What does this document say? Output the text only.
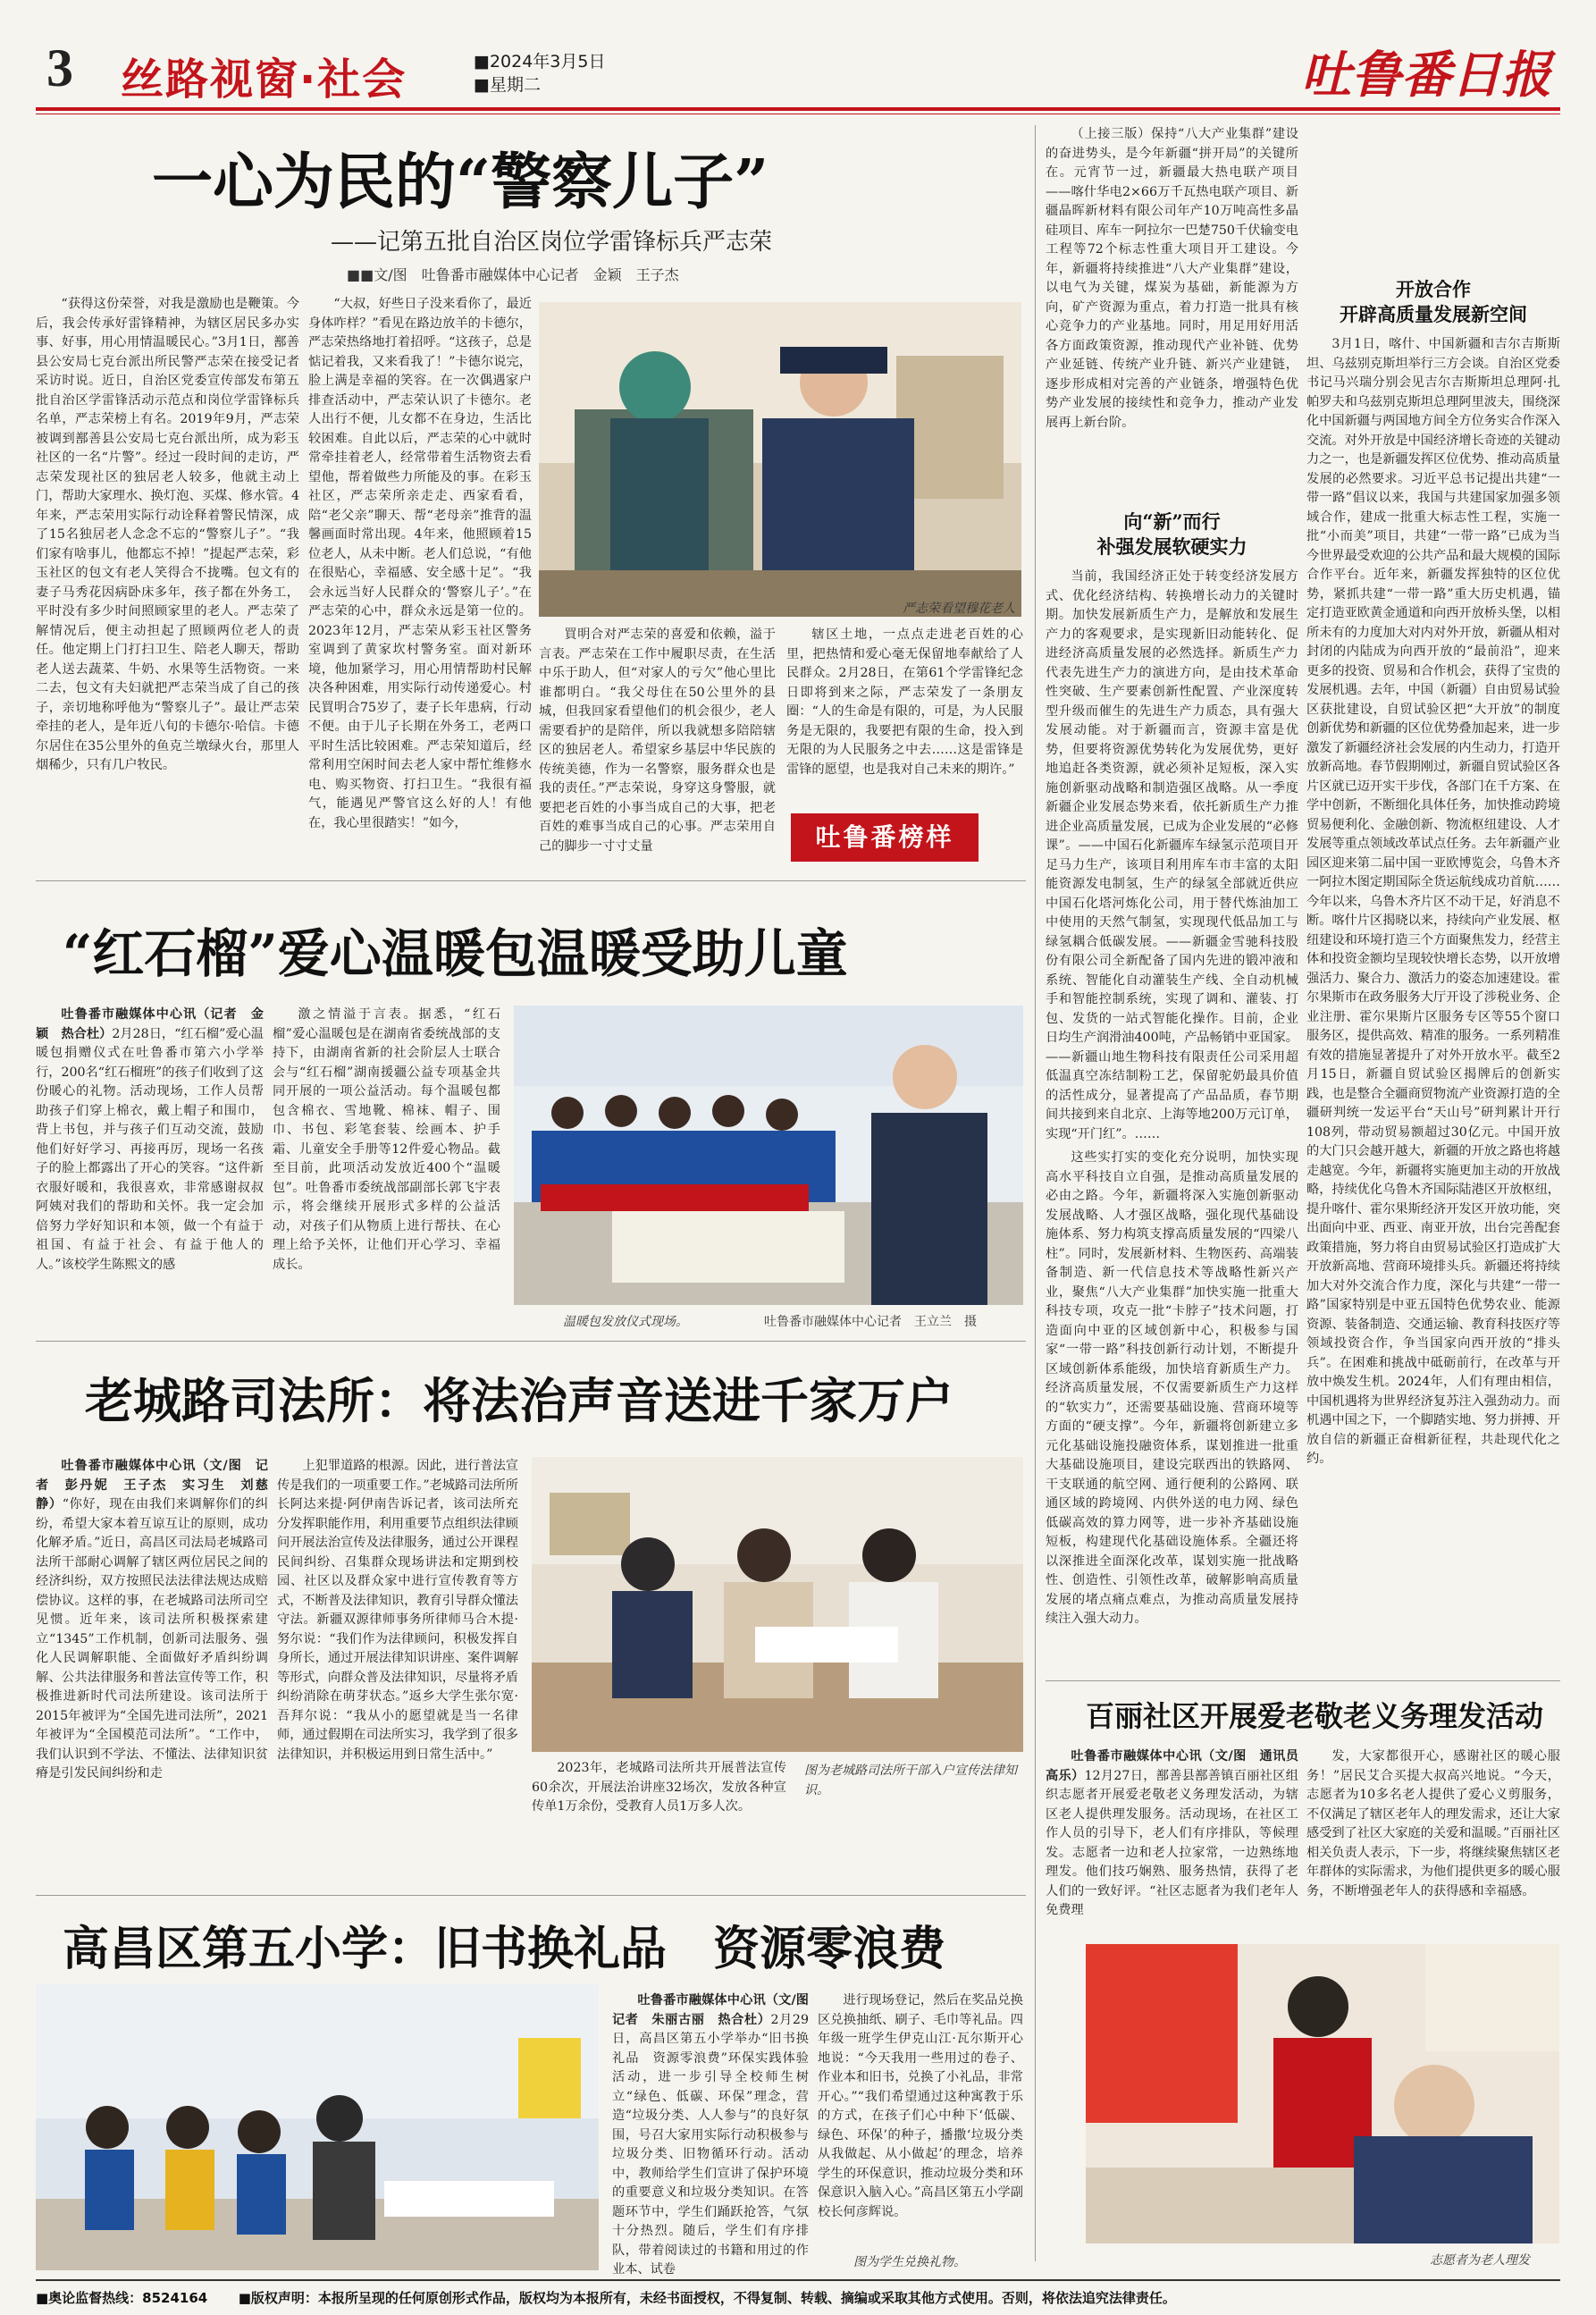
3 丝路视窗·社会	■2024年3月5日
■星期二	吐鲁番日报
一心为民的“警察儿子”
——记第五批自治区岗位学雷锋标兵严志荣
■■文/图　吐鲁番市融媒体中心记者　金颖　王子杰

“获得这份荣誉，对我是激励也是鞭策。今后，我会传承好雷锋精神，为辖区居民多办实事、好事，用心用情温暖民心。”3月1日，鄯善县公安局七克台派出所民警严志荣在接受记者采访时说。近日，自治区党委宣传部发布第五批自治区学雷锋活动示范点和岗位学雷锋标兵名单，严志荣榜上有名。2019年9月，严志荣被调到鄯善县公安局七克台派出所，成为彩玉社区的一名“片警”。经过一段时间的走访，严志荣发现社区的独居老人较多，他就主动上门，帮助大家理水、换灯泡、买煤、修水管。4年来，严志荣用实际行动诠释着警民情深，成了15名独居老人念念不忘的“警察儿子”。“我们家有啥事儿，他都忘不掉！”提起严志荣，彩玉社区的包文有老人笑得合不拢嘴。包文有的妻子马秀花因病卧床多年，孩子都在外务工，平时没有多少时间照顾家里的老人。严志荣了解情况后，便主动担起了照顾两位老人的责任。他定期上门打扫卫生、陪老人聊天，帮助老人送去蔬菜、牛奶、水果等生活物资。一来二去，包文有夫妇就把严志荣当成了自己的孩子，亲切地称呼他为“警察儿子”。最让严志荣牵挂的老人，是年近八旬的卡德尔·哈信。卡德尔居住在35公里外的鱼克兰墩绿火台，那里人烟稀少，只有几户牧民。

“大叔，好些日子没来看你了，最近身体咋样？”看见在路边放羊的卡德尔，严志荣热络地打着招呼。“这孩子，总是惦记着我，又来看我了！”卡德尔说完，脸上满是幸福的笑容。在一次偶遇家户排查活动中，严志荣认识了卡德尔。老人出行不便，儿女都不在身边，生活比较困难。自此以后，严志荣的心中就时常牵挂着老人，经常带着生活物资去看望他，帮着做些力所能及的事。在彩玉社区，严志荣所亲走走、西家看看，陪“老父亲”聊天、帮“老母亲”推背的温馨画面时常出现。4年来，他照顾着15位老人，从未中断。老人们总说，“有他在很贴心，幸福感、安全感十足”。“我会永远当好人民群众的‘警察儿子’。”在严志荣的心中，群众永远是第一位的。2023年12月，严志荣从彩玉社区警务室调到了黄家坎村警务室。面对新环境，他加紧学习，用心用情帮助村民解决各种困难，用实际行动传递爱心。村民買明合75岁了，妻子长年患病，行动不便。由于儿子长期在外务工，老两口平时生活比较困难。严志荣知道后，经常利用空闲时间去老人家中帮忙维修水电、购买物资、打扫卫生。“我很有福气，能遇见严警官这么好的人！有他在，我心里很踏实！”如今，

严志荣看望穆花老人

買明合对严志荣的喜爱和依赖，溢于言表。严志荣在工作中履职尽责，在生活中乐于助人，但“对家人的亏欠”他心里比谁都明白。“我父母住在50公里外的县城，但我回家看望他们的机会很少，老人需要看护的是陪伴，所以我就想多陪陪辖区的独居老人。希望家乡基层中华民族的传统美德，作为一名警察，服务群众也是我的责任。”严志荣说，身穿这身警服，就要把老百姓的小事当成自己的大事，把老百姓的难事当成自己的心事。严志荣用自己的脚步一寸寸丈量

辖区土地，一点点走进老百姓的心里，把热情和爱心毫无保留地奉献给了人民群众。2月28日，在第61个学雷锋纪念日即将到来之际，严志荣发了一条朋友圈：“人的生命是有限的，可是，为人民服务是无限的，我要把有限的生命，投入到无限的为人民服务之中去……这是雷锋是雷锋的愿望，也是我对自己未来的期许。”

吐鲁番榜样
“红石榴”爱心温暖包温暖受助儿童

吐鲁番市融媒体中心讯（记者　金颖　热合杜）2月28日，“红石榴”爱心温暖包捐赠仪式在吐鲁番市第六小学举行，200名“红石榴班”的孩子们收到了这份暖心的礼物。活动现场，工作人员帮助孩子们穿上棉衣，戴上帽子和围巾，背上书包，并与孩子们互动交流，鼓励他们好好学习、再接再厉，现场一名孩子的脸上都露出了开心的笑容。“这件新衣服好暖和，我很喜欢，非常感谢叔叔阿姨对我们的帮助和关怀。我一定会加倍努力学好知识和本领，做一个有益于祖国、有益于社会、有益于他人的人。”该校学生陈熙文的感

激之情溢于言表。据悉，“红石榴”爱心温暖包是在湖南省委统战部的支持下，由湖南省新的社会阶层人士联合会与“红石榴”湖南援疆公益专项基金共同开展的一项公益活动。每个温暖包都包含棉衣、雪地靴、棉袜、帽子、围巾、书包、彩笔套装、绘画本、护手霜、儿童安全手册等12件爱心物品。截至目前，此项活动发放近400个“温暖包”。吐鲁番市委统战部副部长郭飞宇表示，将会继续开展形式多样的公益活动，对孩子们从物质上进行帮扶、在心理上给予关怀，让他们开心学习、幸福成长。

温暖包发放仪式现场。	吐鲁番市融媒体中心记者　王立兰　摄
老城路司法所：将法治声音送进千家万户

吐鲁番市融媒体中心讯（文/图　记者　彭丹妮　王子杰　实习生　刘慈静）“你好，现在由我们来调解你们的纠纷，希望大家本着互谅互让的原则，成功化解矛盾。”近日，高昌区司法局老城路司法所干部耐心调解了辖区两位居民之间的经济纠纷，双方按照民法法律法规达成赔偿协议。这样的事，在老城路司法所司空见惯。近年来，该司法所积极探索建立“1345”工作机制，创新司法服务、强化人民调解职能、全面做好矛盾纠纷调解、公共法律服务和普法宣传等工作，积极推进新时代司法所建设。该司法所于2015年被评为“全国先进司法所”，2021年被评为“全国模范司法所”。“工作中，我们认识到不学法、不懂法、法律知识贫瘠是引发民间纠纷和走

上犯罪道路的根源。因此，进行普法宣传是我们的一项重要工作。”老城路司法所所长阿达来提·阿伊南告诉记者，该司法所充分发挥职能作用，利用重要节点组织法律顾问开展法治宣传及法律服务，通过公开课程民间纠纷、召集群众现场讲法和定期到校园、社区以及群众家中进行宣传教育等方式，不断普及法律知识，教育引导群众懂法守法。新疆双源律师事务所律师马合木提·努尔说：“我们作为法律顾问，积极发挥自身所长，通过开展法律知识讲座、案件调解等形式，向群众普及法律知识，尽量将矛盾纠纷消除在萌芽状态。”返乡大学生张尔宽·吾拜尔说：“我从小的愿望就是当一名律师，通过假期在司法所实习，我学到了很多法律知识，并积极运用到日常生活中。”

2023年，老城路司法所共开展普法宣传60余次，开展法治讲座32场次，发放各种宣传单1万余份，受教育人员1万多人次。

图为老城路司法所干部入户宣传法律知识。
高昌区第五小学：旧书换礼品　资源零浪费

吐鲁番市融媒体中心讯（文/图　记者　朱丽古丽　热合杜）2月29日，高昌区第五小学举办“旧书换礼品　资源零浪费”环保实践体验活动，进一步引导全校师生树立“绿色、低碳、环保”理念，营造“垃圾分类、人人参与”的良好氛围，号召大家用实际行动积极参与垃圾分类、旧物循环行动。活动中，教师给学生们宣讲了保护环境的重要意义和垃圾分类知识。在答题环节中，学生们踊跃抢答，气氛十分热烈。随后，学生们有序排队，带着阅读过的书籍和用过的作业本、试卷

进行现场登记，然后在奖品兑换区兑换抽纸、刷子、毛巾等礼品。四年级一班学生伊克山江·瓦尔斯开心地说：“今天我用一些用过的卷子、作业本和旧书，兑换了小礼品，非常开心。”“我们希望通过这种寓教于乐的方式，在孩子们心中种下‘低碳、绿色、环保’的种子，播撒‘垃圾分类从我做起、从小做起’的理念，培养学生的环保意识，推动垃圾分类和环保意识入脑入心。”高昌区第五小学副校长何彦辉说。

图为学生兑换礼物。

（上接三版）保持“八大产业集群”建设的奋进势头，是今年新疆“拼开局”的关键所在。元宵节一过，新疆最大热电联产项目——喀什华电2×66万千瓦热电联产项目、新疆晶晖新材料有限公司年产10万吨高性多晶硅项目、库车一阿拉尔一巴楚750千伏输变电工程等72个标志性重大项目开工建设。今年，新疆将持续推进“八大产业集群”建设，以电气为关键，煤炭为基础，新能源为方向，矿产资源为重点，着力打造一批具有核心竞争力的产业基地。同时，用足用好用活各方面政策资源，推动现代产业补链、优势产业延链、传统产业升链、新兴产业建链，逐步形成相对完善的产业链条，增强特色优势产业发展的接续性和竞争力，推动产业发展再上新台阶。

向“新”而行
补强发展软硬实力

当前，我国经济正处于转变经济发展方式、优化经济结构、转换增长动力的关键时期。加快发展新质生产力，是解放和发展生产力的客观要求，是实现新旧动能转化、促进经济高质量发展的必然选择。新质生产力代表先进生产力的演进方向，是由技术革命性突破、生产要素创新性配置、产业深度转型升级而催生的先进生产力质态，具有强大发展动能。对于新疆而言，资源丰富是优势，但要将资源优势转化为发展优势，更好地追赶各类资源，就必须补足短板，深入实施创新驱动战略和制造强区战略。从一季度新疆企业发展态势来看，依托新质生产力推进企业高质量发展，已成为企业发展的“必修课”。——中国石化新疆库车绿氢示范项目开足马力生产，该项目利用库车市丰富的太阳能资源发电制氢，生产的绿氢全部就近供应中国石化塔河炼化公司，用于替代炼油加工中使用的天然气制氢，实现现代低品加工与绿氢耦合低碳发展。——新疆金雪驰科技股份有限公司全新配备了国内先进的锻冲液和系统、智能化自动灌装生产线、全自动机械手和智能控制系统，实现了调和、灌装、打包、发货的一站式智能化操作。目前，企业日均生产润滑油400吨，产品畅销中亚国家。——新疆山地生物科技有限责任公司采用超低温真空冻结制粉工艺，保留驼奶最具价值的活性成分，显著提高了产品品质，春节期间共接到来自北京、上海等地200万元订单，实现“开门红”。……

这些实打实的变化充分说明，加快实现高水平科技自立自强，是推动高质量发展的必由之路。今年，新疆将深入实施创新驱动发展战略、人才强区战略，强化现代基础设施体系、努力构筑支撑高质量发展的“四梁八柱”。同时，发展新材料、生物医药、高端装备制造、新一代信息技术等战略性新兴产业，聚焦“八大产业集群”加快实施一批重大科技专项，攻克一批“卡脖子”技术问题，打造面向中亚的区域创新中心，积极参与国家“一带一路”科技创新行动计划，不断提升区域创新体系能级，加快培育新质生产力。经济高质量发展，不仅需要新质生产力这样的“软实力”，还需要基础设施、营商环境等方面的“硬支撑”。今年，新疆将创新建立多元化基础设施投融资体系，谋划推进一批重大基础设施项目，建设完联西出的铁路网、干支联通的航空网、通行便利的公路网、联通区域的跨境网、内供外送的电力网、绿色低碳高效的算力网等，进一步补齐基础设施短板，构建现代化基础设施体系。全疆还将以深推进全面深化改革，谋划实施一批战略性、创造性、引领性改革，破解影响高质量发展的堵点痛点难点，为推动高质量发展持续注入强大动力。

开放合作
开辟高质量发展新空间

3月1日，喀什、中国新疆和吉尔吉斯斯坦、乌兹别克斯坦举行三方会谈。自治区党委书记马兴瑞分别会见吉尔吉斯斯坦总理阿·扎帕罗夫和乌兹别克斯坦总理阿里波夫，围绕深化中国新疆与两国地方间全方位务实合作深入交流。对外开放是中国经济增长奇迹的关键动力之一，也是新疆发挥区位优势、推动高质量发展的必然要求。习近平总书记提出共建“一带一路”倡议以来，我国与共建国家加强多领域合作，建成一批重大标志性工程，实施一批“小而美”项目，共建“一带一路”已成为当今世界最受欢迎的公共产品和最大规模的国际合作平台。近年来，新疆发挥独特的区位优势，紧抓共建“一带一路”重大历史机遇，锚定打造亚欧黄金通道和向西开放桥头堡，以相所未有的力度加大对内对外开放，新疆从相对封闭的内陆成为向西开放的“最前沿”，迎来更多的投资、贸易和合作机会，获得了宝贵的发展机遇。去年，中国（新疆）自由贸易试验区获批建设，自贸试验区把“大开放”的制度创新优势和新疆的区位优势叠加起来，进一步激发了新疆经济社会发展的内生动力，打造开放新高地。春节假期刚过，新疆自贸试验区各片区就已迈开实干步伐，各部门在千方案、在学中创新，不断细化具体任务，加快推动跨境贸易便利化、金融创新、物流枢纽建设、人才发展等重点领域改革试点任务。去年新疆产业园区迎来第二届中国一亚欧博览会，乌鲁木齐一阿拉木图定期国际全货运航线成功首航……今年以来，乌鲁木齐片区不动干足，好消息不断。喀什片区揭晓以来，持续向产业发展、枢纽建设和环境打造三个方面聚焦发力，经营主体和投资金额均呈现较快增长态势，以开放增强活力、聚合力、激活力的姿态加速建设。霍尔果斯市在政务服务大厅开设了涉税业务、企业注册、霍尔果斯片区服务专区等55个窗口服务区，提供高效、精准的服务。一系列精准有效的措施显著提升了对外开放水平。截至2月15日，新疆自贸试验区揭牌后的创新实践，也是整合全疆商贸物流产业资源打造的全疆研判统一发运平台“天山号”研判累计开行108列，带动贸易额超过30亿元。中国开放的大门只会越开越大，新疆的开放之路也将越走越宽。今年，新疆将实施更加主动的开放战略，持续优化乌鲁木齐国际陆港区开放枢纽，提升喀什、霍尔果斯经济开发区开放功能，突出面向中亚、西亚、南亚开放，出台完善配套政策措施，努力将自由贸易试验区打造成扩大开放新高地、营商环境排头兵。新疆还将持续加大对外交流合作力度，深化与共建“一带一路”国家特别是中亚五国特色优势农业、能源资源、装备制造、交通运输、教育科技医疗等领域投资合作，争当国家向西开放的“排头兵”。在困难和挑战中砥砺前行，在改革与开放中焕发生机。2024年，人们有理由相信，中国机遇将为世界经济复苏注入强劲动力。而机遇中国之下，一个脚踏实地、努力拼搏、开放自信的新疆正奋楫新征程，共赴现代化之约。

百丽社区开展爱老敬老义务理发活动

吐鲁番市融媒体中心讯（文/图　通讯员　高乐）12月27日，鄯善县鄯善镇百丽社区组织志愿者开展爱老敬老义务理发活动，为辖区老人提供理发服务。活动现场，在社区工作人员的引导下，老人们有序排队，等候理发。志愿者一边和老人拉家常，一边熟练地理发。他们技巧娴熟、服务热情，获得了老人们的一致好评。“社区志愿者为我们老年人免费理

发，大家都很开心，感谢社区的暖心服务！”居民艾合买提大叔高兴地说。“今天，志愿者为10多名老人提供了爱心义剪服务，不仅满足了辖区老年人的理发需求，还让大家感受到了社区大家庭的关爱和温暖。”百丽社区相关负责人表示，下一步，将继续聚焦辖区老年群体的实际需求，为他们提供更多的暖心服务，不断增强老年人的获得感和幸福感。

志愿者为老人理发
■奥论监督热线：8524164 ■版权声明：本报所呈现的任何原创形式作品，版权均为本报所有，未经书面授权，不得复制、转载、摘编或采取其他方式使用。否则，将依法追究法律责任。
